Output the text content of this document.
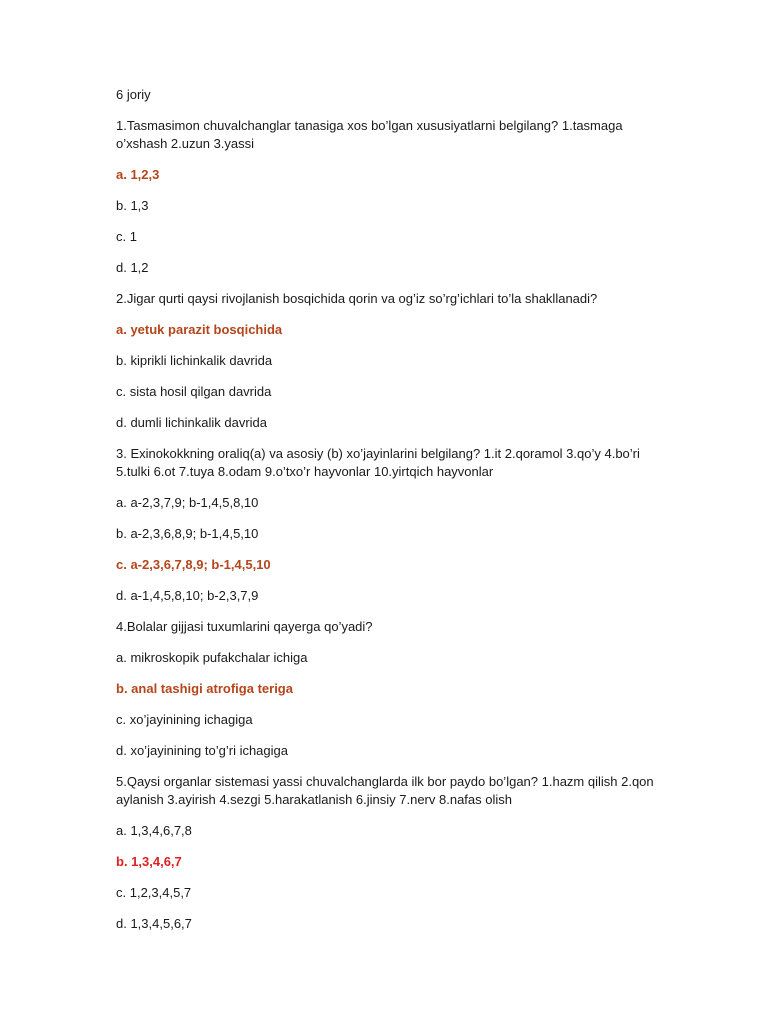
6 joriy

1.Tasmasimon chuvalchanglar tanasiga xos bo’lgan xususiyatlarni belgilang? 1.tasmaga o’xshash 2.uzun 3.yassi

a. 1,2,3

b. 1,3

c. 1

d. 1,2

2.Jigar qurti qaysi rivojlanish bosqichida qorin va og’iz so’rg’ichlari to’la shakllanadi?

a. yetuk parazit bosqichida

b. kiprikli lichinkalik davrida

c. sista hosil qilgan davrida

d. dumli lichinkalik davrida

3. Exinokokkning oraliq(a) va asosiy (b) xo’jayinlarini belgilang? 1.it 2.qoramol 3.qo’y 4.bo’ri 5.tulki 6.ot 7.tuya 8.odam 9.o’txo’r hayvonlar 10.yirtqich hayvonlar

a. a-2,3,7,9; b-1,4,5,8,10

b. a-2,3,6,8,9; b-1,4,5,10

c. a-2,3,6,7,8,9; b-1,4,5,10

d. a-1,4,5,8,10; b-2,3,7,9

4.Bolalar gijjasi tuxumlarini qayerga qo’yadi?

a. mikroskopik pufakchalar ichiga

b. anal tashigi atrofiga teriga

c. xo’jayinining ichagiga

d. xo’jayinining to’g’ri ichagiga

5.Qaysi organlar sistemasi yassi chuvalchanglarda ilk bor paydo bo’lgan? 1.hazm qilish 2.qon aylanish 3.ayirish 4.sezgi 5.harakatlanish 6.jinsiy 7.nerv 8.nafas olish

a. 1,3,4,6,7,8

b. 1,3,4,6,7

c. 1,2,3,4,5,7

d. 1,3,4,5,6,7
